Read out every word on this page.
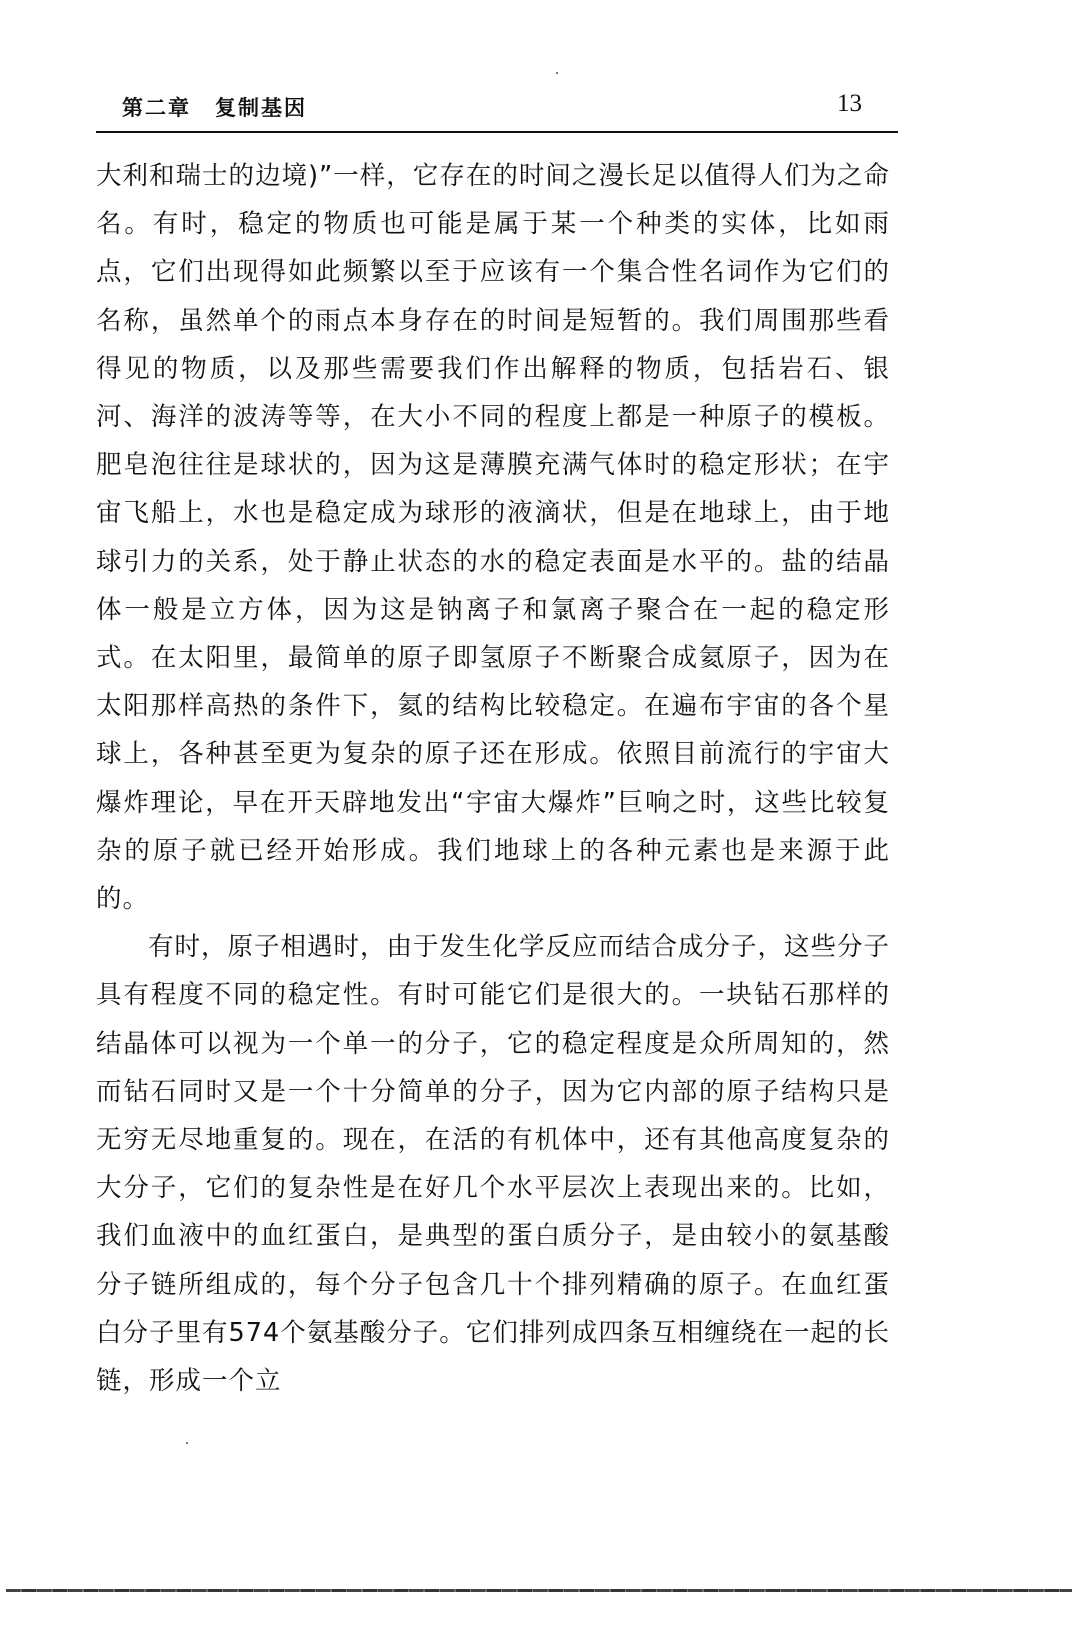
第二章 复制基因	13

大利和瑞士的边境)”一样，它存在的时间之漫长足以值得人们为之命名。有时，稳定的物质也可能是属于某一个种类的实体，比如雨点，它们出现得如此频繁以至于应该有一个集合性名词作为它们的名称，虽然单个的雨点本身存在的时间是短暂的。我们周围那些看得见的物质，以及那些需要我们作出解释的物质，包括岩石、银河、海洋的波涛等等，在大小不同的程度上都是一种原子的模板。肥皂泡往往是球状的，因为这是薄膜充满气体时的稳定形状；在宇宙飞船上，水也是稳定成为球形的液滴状，但是在地球上，由于地球引力的关系，处于静止状态的水的稳定表面是水平的。盐的结晶体一般是立方体，因为这是钠离子和氯离子聚合在一起的稳定形式。在太阳里，最简单的原子即氢原子不断聚合成氦原子，因为在太阳那样高热的条件下，氦的结构比较稳定。在遍布宇宙的各个星球上，各种甚至更为复杂的原子还在形成。依照目前流行的宇宙大爆炸理论，早在开天辟地发出“宇宙大爆炸”巨响之时，这些比较复杂的原子就已经开始形成。我们地球上的各种元素也是来源于此的。

有时，原子相遇时，由于发生化学反应而结合成分子，这些分子具有程度不同的稳定性。有时可能它们是很大的。一块钻石那样的结晶体可以视为一个单一的分子，它的稳定程度是众所周知的，然而钻石同时又是一个十分简单的分子，因为它内部的原子结构只是无穷无尽地重复的。现在，在活的有机体中，还有其他高度复杂的大分子，它们的复杂性是在好几个水平层次上表现出来的。比如，我们血液中的血红蛋白，是典型的蛋白质分子，是由较小的氨基酸分子链所组成的，每个分子包含几十个排列精确的原子。在血红蛋白分子里有574个氨基酸分子。它们排列成四条互相缠绕在一起的长链，形成一个立
